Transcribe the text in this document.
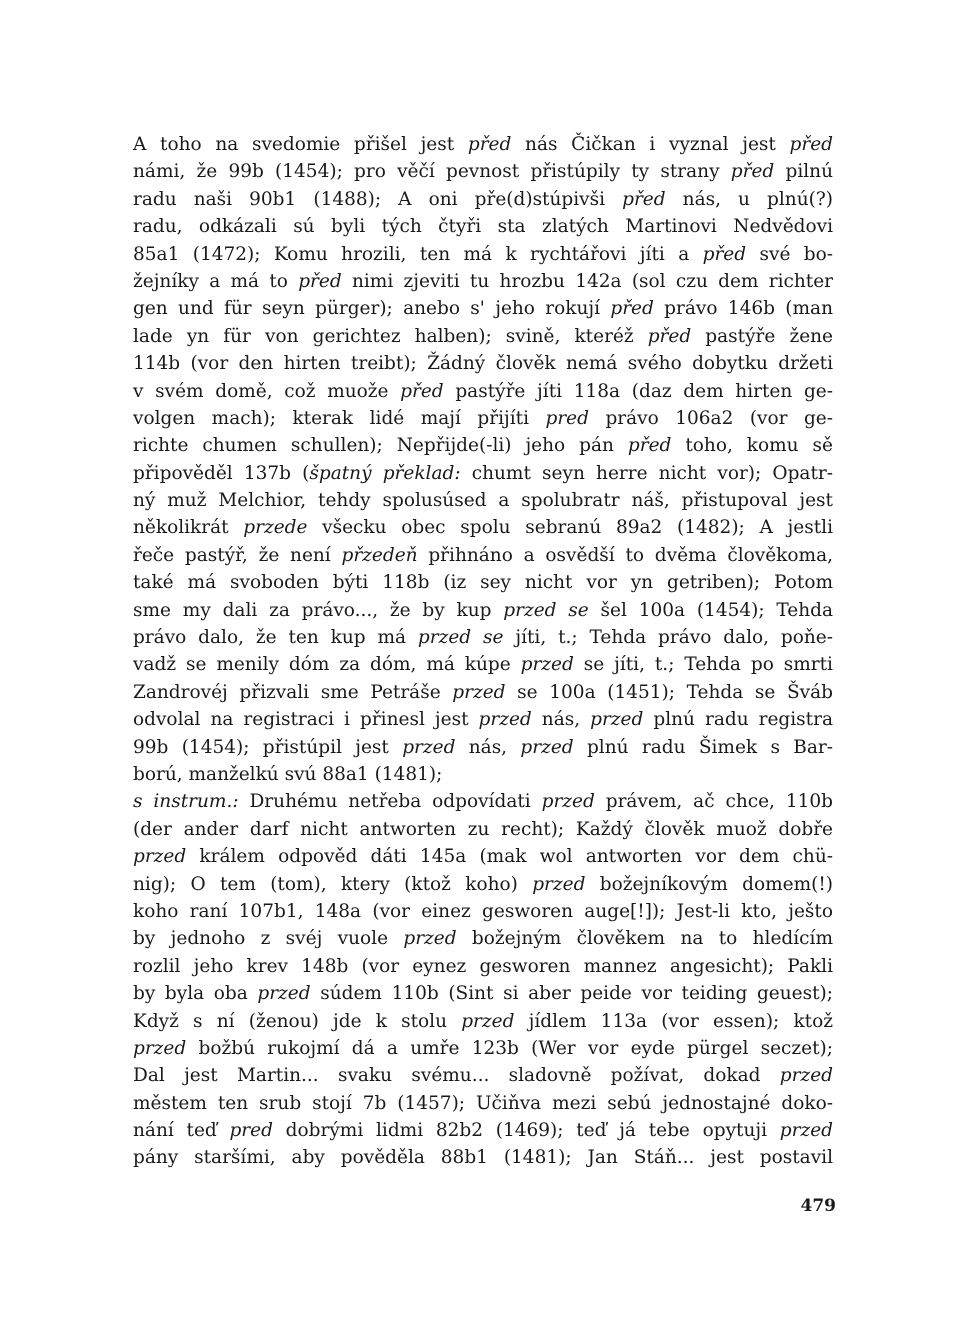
A toho na svedomie přišel jest před nás Čičkan i vyznal jest před
námi, že 99b (1454); pro věčí pevnost přistúpily ty strany před pilnú
radu naši 90b1 (1488); A oni pře(d)stúpivši před nás, u plnú(?)
radu, odkázali sú byli tých čtyři sta zlatých Martinovi Nedvědovi
85a1 (1472); Komu hrozili, ten má k rychtářovi jíti a před své bo-
žejníky a má to před nimi zjeviti tu hrozbu 142a (sol czu dem richter
gen und für seyn pürger); anebo s' jeho rokují před právo 146b (man
lade yn für von gerichtez halben); svině, kteréž před pastýře žene
114b (vor den hirten treibt); Žádný člověk nemá svého dobytku držeti
v svém domě, což muože před pastýře jíti 118a (daz dem hirten ge-
volgen mach); kterak lidé mají přijíti pred právo 106a2 (vor ge-
richte chumen schullen); Nepřijde(-li) jeho pán před toho, komu sě
připověděl 137b (špatný překlad: chumt seyn herre nicht vor); Opatr-
ný muž Melchior, tehdy spolusúsed a spolubratr náš, přistupoval jest
několikrát przede všecku obec spolu sebranú 89a2 (1482); A jestli
řeče pastýř, že není přzedeň přihnáno a osvědší to dvěma člověkoma,
také má svoboden býti 118b (iz sey nicht vor yn getriben); Potom
sme my dali za právo..., že by kup przed se šel 100a (1454); Tehda
právo dalo, že ten kup má przed se jíti, t.; Tehda právo dalo, poňe-
vadž se menily dóm za dóm, má kúpe przed se jíti, t.; Tehda po smrti
Zandrovéj přizvali sme Petráše przed se 100a (1451); Tehda se Šváb
odvolal na registraci i přinesl jest przed nás, przed plnú radu registra
99b (1454); přistúpil jest przed nás, przed plnú radu Šimek s Bar-
ború, manželkú svú 88a1 (1481);
s instrum.: Druhému netřeba odpovídati przed právem, ač chce, 110b
(der ander darf nicht antworten zu recht); Každý člověk muož dobře
przed králem odpověd dáti 145a (mak wol antworten vor dem chü-
nig); O tem (tom), ktery (ktož koho) przed božejníkovým domem(!)
koho raní 107b1, 148a (vor einez gesworen auge[!]); Jest-li kto, ješto
by jednoho z svéj vuole przed božejným člověkem na to hledícím
rozlil jeho krev 148b (vor eynez gesworen mannez angesicht); Pakli
by byla oba przed súdem 110b (Sint si aber peide vor teiding geuest);
Když s ní (ženou) jde k stolu przed jídlem 113a (vor essen); ktož
przed božbú rukojmí dá a umře 123b (Wer vor eyde pürgel seczet);
Dal jest Martin... svaku svému... sladovně požívat, dokad przed
městem ten srub stojí 7b (1457); Učiňva mezi sebú jednostajné doko-
nání teď pred dobrými lidmi 82b2 (1469); teď já tebe opytuji przed
pány staršími, aby pověděla 88b1 (1481); Jan Stáň... jest postavil
479
